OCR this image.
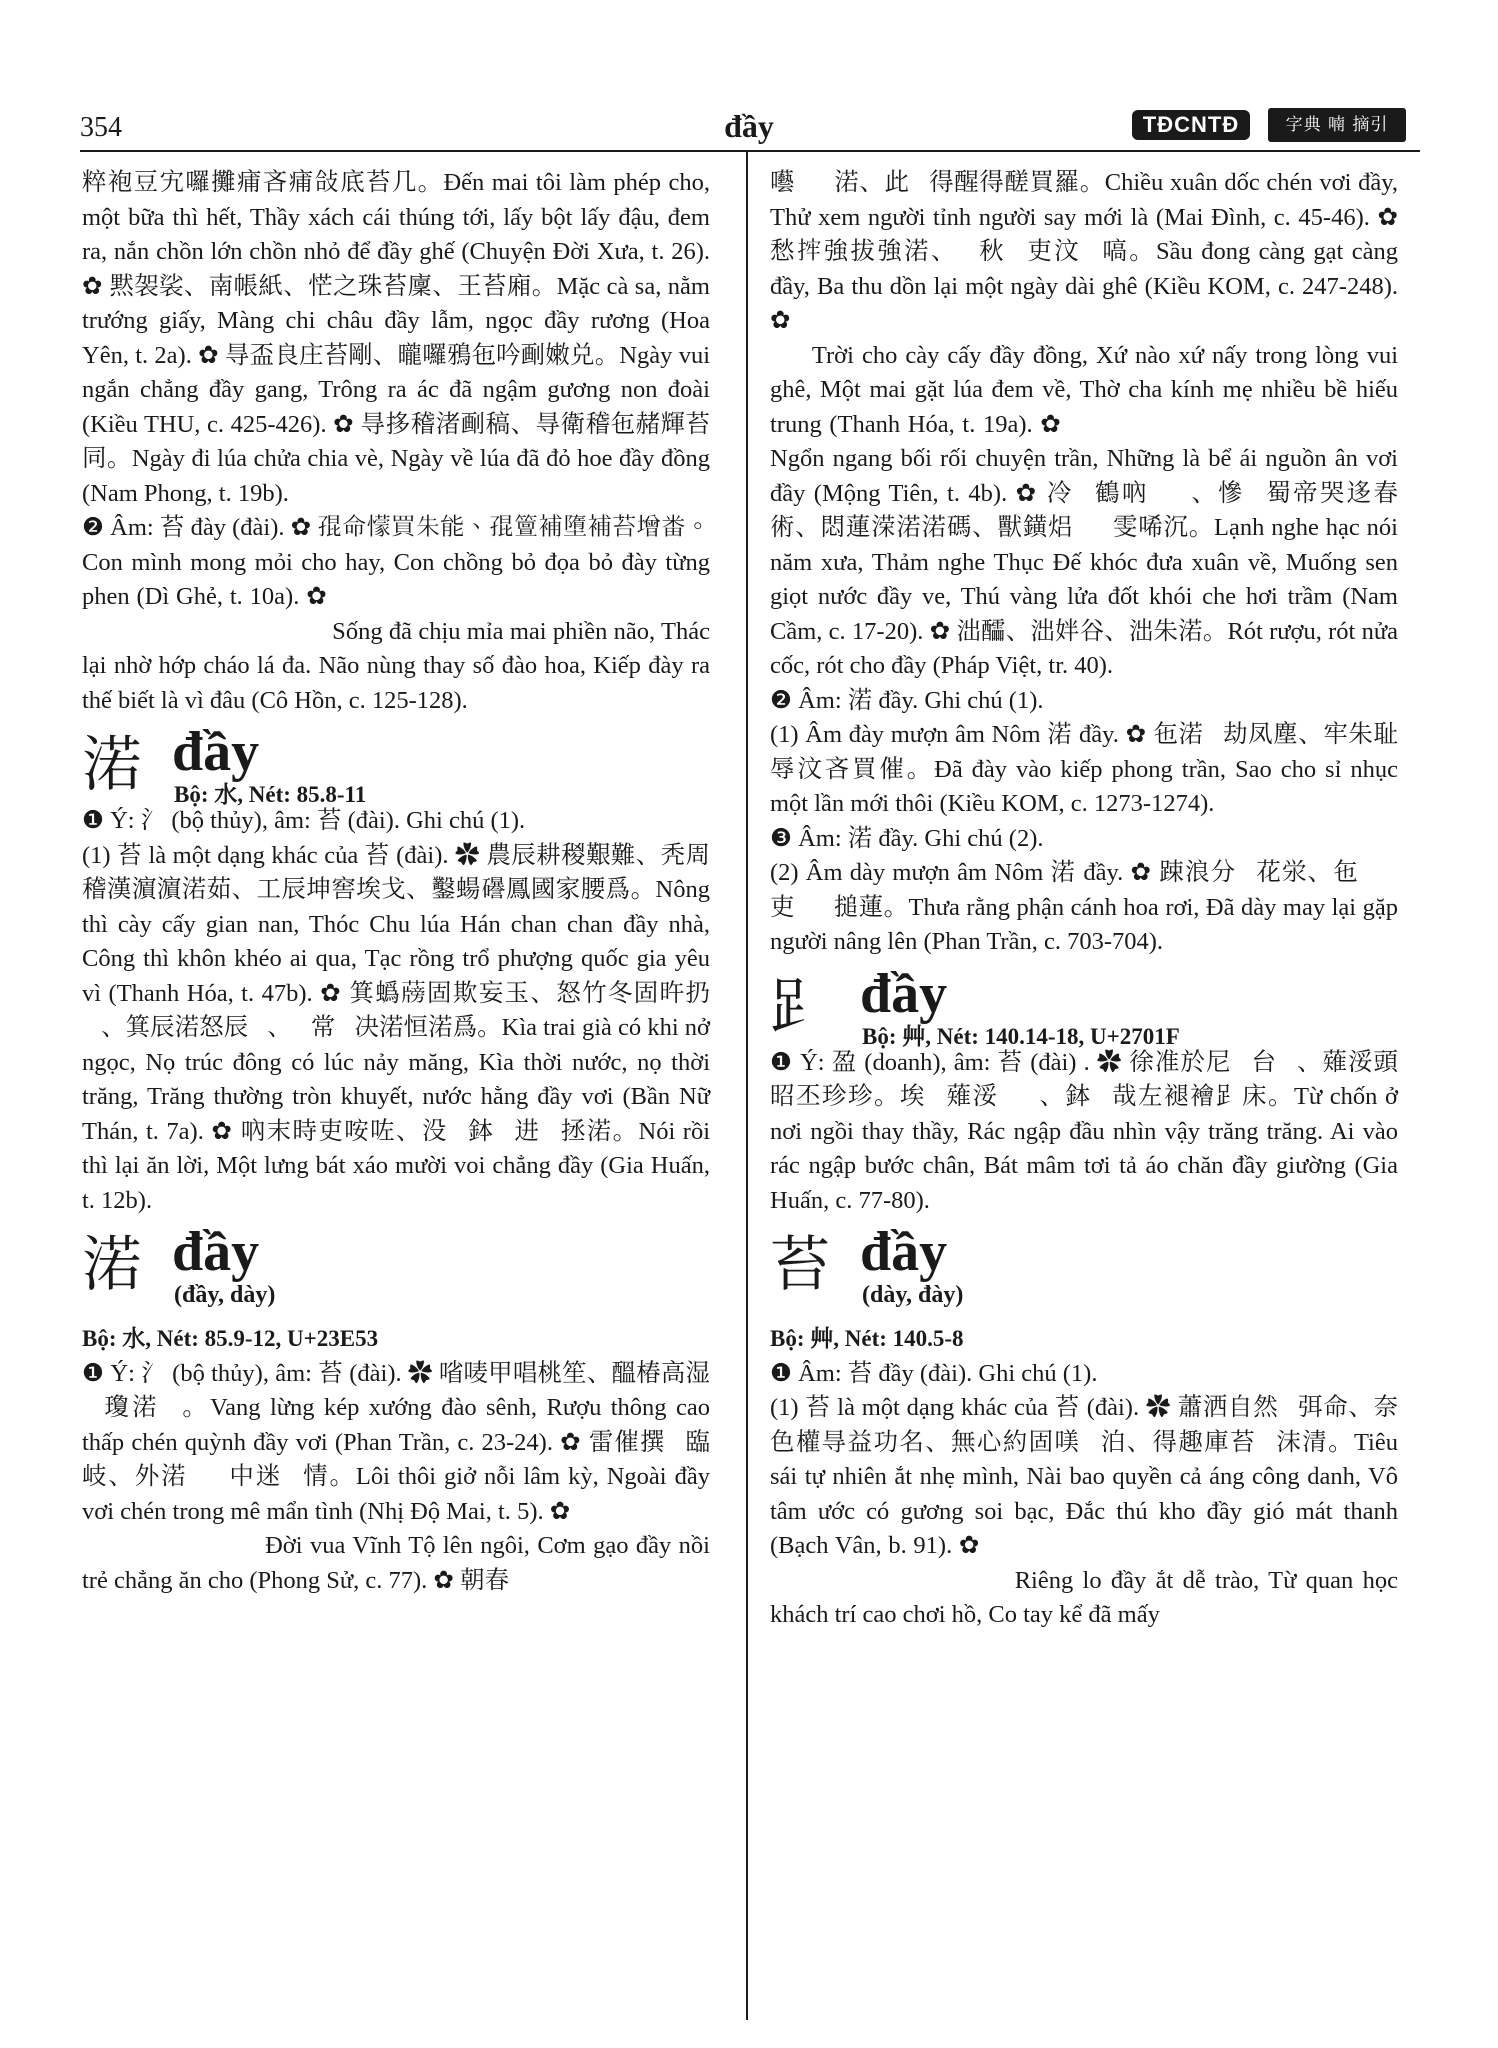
354	đầy	TĐCNTĐ	字典 喃 摘引

粹袍豆宄囉攤痡吝痡敆底苔几。Đến mai tôi làm phép cho, một bữa thì hết, Thầy xách cái thúng tới, lấy bột lấy đậu, đem ra, nắn chồn lớn chồn nhỏ để đầy ghế (Chuyện Đời Xưa, t. 26). ✿ 黙袈裟、南帳紙、恾之珠苔廩、王苔廂。Mặc cà sa, nằm trướng giấy, Màng chi châu đầy lẫm, ngọc đầy rương (Hoa Yên, t. 2a). ✿ 㝵盃良庄苔剛、曨囉鴉㐌吟㓰嫩兑。Ngày vui ngắn chẳng đầy gang, Trông ra ác đã ngậm gương non đoài (Kiều THU, c. 425-426). ✿ 㝵拸稽渚㓰稿、㝵衛稽㐌赭輝苔同。Ngày đi lúa chửa chia vè, Ngày về lúa đã đỏ hoe đầy đồng (Nam Phong, t. 19b).

❷ Âm: 苔 đày (đài). ✿ 𡥵命懞買朱能、𡥵䉡補墮補苔增畨。Con mình mong mỏi cho hay, Con chồng bỏ đọa bỏ đày từng phen (Dì Ghẻ, t. 10a). ✿ 𦋦㐌𦘧𣔐枚煩惱、托吏㤇哈粲莀多、惱濃台效桃花、劫苔罯世別𠵋爲兜。Sống đã chịu mỉa mai phiền não, Thác lại nhờ hớp cháo lá đa. Não nùng thay số đào hoa, Kiếp đày ra thế biết là vì đâu (Cô Hồn, c. 125-128).

渃 đầy
Bộ: 水, Nét: 85.8-11

❶ Ý: 氵 (bộ thủy), âm: 苔 (đài). Ghi chú (1).

(1) 苔 là một dạng khác của 苔 (đài). ✿ 農辰耕稯艱難、秃周稽漢濵濵渃茹、工辰坤窖埃戈、鑿蝪𥗟鳳國家腰爲。Nông thì cày cấy gian nan, Thóc Chu lúa Hán chan chan đầy nhà, Công thì khôn khéo ai qua, Tạc rồng trổ phượng quốc gia yêu vì (Thanh Hóa, t. 47b). ✿ 箕蟡𦾭固欺妄玉、怒竹冬固旿扔𣘊、箕辰渃怒辰𦚐、𦚐常𨤧决渃恒渃爲。Kìa trai già có khi nở ngọc, Nọ trúc đông có lúc nảy măng, Kìa thời nước, nọ thời trăng, Trăng thường tròn khuyết, nước hằng đầy vơi (Bần Nữ Thán, t. 7a). ✿ 吶末時吏咹咗、没𣛠鉢𦢳进𡨸拯渃。Nói rồi thì lại ăn lời, Một lưng bát xáo mười voi chẳng đầy (Gia Huấn, t. 12b).

渃 đầy
(đầy, dày)

Bộ: 水, Nét: 85.9-12, U+23E53

❶ Ý: 氵 (bộ thủy), âm: 苔 (đài). ✿ 㗂唛甲唱桃笙、醞椿高湿𡂳瓊渃𣼼。Vang lừng kép xướng đào sênh, Rượu thông cao thấp chén quỳnh đầy vơi (Phan Trần, c. 23-24). ✿ 雷催撰𩛂臨岐、外渃𣼼𡂳中迷𢣂情。Lôi thôi giở nỗi lâm kỳ, Ngoài đầy vơi chén trong mê mẩn tình (Nhị Độ Mai, t. 5). ✿ 𦬑𢌌永祚𨖲𡎝、粃粘渃坳𡛔拯咹朱。Đời vua Vĩnh Tộ lên ngôi, Cơm gạo đầy nồi trẻ chẳng ăn cho (Phong Sử, c. 77). ✿ 朝春

囈𡂳𣼼渃、此𣅶得醒得醝買羅。Chiều xuân dốc chén vơi đầy, Thử xem người tỉnh người say mới là (Mai Đình, c. 45-46). ✿ 愁𢭂強拔強渃、𢀲秋𢹣吏汶𠃣嗃。Sầu đong càng gạt càng đầy, Ba thu dồn lại một ngày dài ghê (Kiều KOM, c. 247-248). ✿ 𡗶朱𦓿𥟉渃同、處市處乃𨁪𢢯恄稽、没𣋚𠞹稽抌衛、𣋴吒敬媄𧀒皮孝忠。Trời cho cày cấy đầy đồng, Xứ nào xứ nấy trong lòng vui ghê, Một mai gặt lúa đem về, Thờ cha kính mẹ nhiều bề hiếu trung (Thanh Hóa, t. 19a). ✿ 𡗉昂貝絨傳塵、仍㝵𣵶愛源恩𣼼渃。Ngổn ngang bối rối chuyện trần, Những là bể ái nguồn ân vơi đầy (Mộng Tiên, t. 4b). ✿ 冷𦖑鶴吶𢆥𣈕、慘𦖑蜀帝哭迻春術、悶蓮溁渃渃碼、獸鐄焒𤇮𩃳雯唏沉。Lạnh nghe hạc nói năm xưa, Thảm nghe Thục Đế khóc đưa xuân về, Muống sen giọt nước đầy ve, Thú vàng lửa đốt khói che hơi trầm (Nam Cầm, c. 17-20). ✿ 泏醽、泏姅谷、泏朱渃。Rót rượu, rót nửa cốc, rót cho đầy (Pháp Việt, tr. 40).

❷ Âm: 渃 đầy. Ghi chú (1).

(1) Âm đày mượn âm Nôm 渃 đầy. ✿ 㐌渃𠓨劫凤塵、牢朱耻辱汶吝買催。Đã đày vào kiếp phong trần, Sao cho sỉ nhục một lần mới thôi (Kiều KOM, c. 1273-1274).

❸ Âm: 渃 đầy. Ghi chú (2).

(2) Âm dày mượn âm Nôm 渃 đầy. ✿ 踈浪分𩙻花泶、㐌𢭫𩈘吏𢭲𠊚搥蓮。Thưa rằng phận cánh hoa rơi, Đã dày may lại gặp người nâng lên (Phan Trần, c. 703-704).

𧾷 đầy
Bộ: 艸, Nét: 140.14-18, U+2701F

❶ Ý: 盈 (doanh), âm: 苔 (đài) . ✿ 徐准於尼𤼸台𩛄、薙浽頭昭丕珍珍。埃𠓨薙浽𨀈𨁮、鉢𥗌哉左褪襘𧾷床。Từ chốn ở nơi ngồi thay thầy, Rác ngập đầu nhìn vậy trăng trăng. Ai vào rác ngập bước chân, Bát mâm tơi tả áo chăn đầy giường (Gia Huấn, c. 77-80).

苔 đầy
(dày, đày)

Bộ: 艸, Nét: 140.5-8

❶ Âm: 苔 đầy (đài). Ghi chú (1).

(1) 苔 là một dạng khác của 苔 (đài). ✿ 蕭洒自然𢀨弭命、奈色權㝵益功名、無心約固𠸍𤈜泊、得趣庫苔𨑮沫清。Tiêu sái tự nhiên ắt nhẹ mình, Nài bao quyền cả áng công danh, Vô tâm ước có gương soi bạc, Đắc thú kho đầy gió mát thanh (Bạch Vân, b. 91). ✿ 𥟉𢛨苔乙𣷷潮、辞官学客智高𨔈湖、𢬣𢬂計㐌𣍊秋、𠄼尼城市𢣂圖渃嫩。Riêng lo đầy ắt dễ trào, Từ quan học khách trí cao chơi hồ, Co tay kể đã mấy
